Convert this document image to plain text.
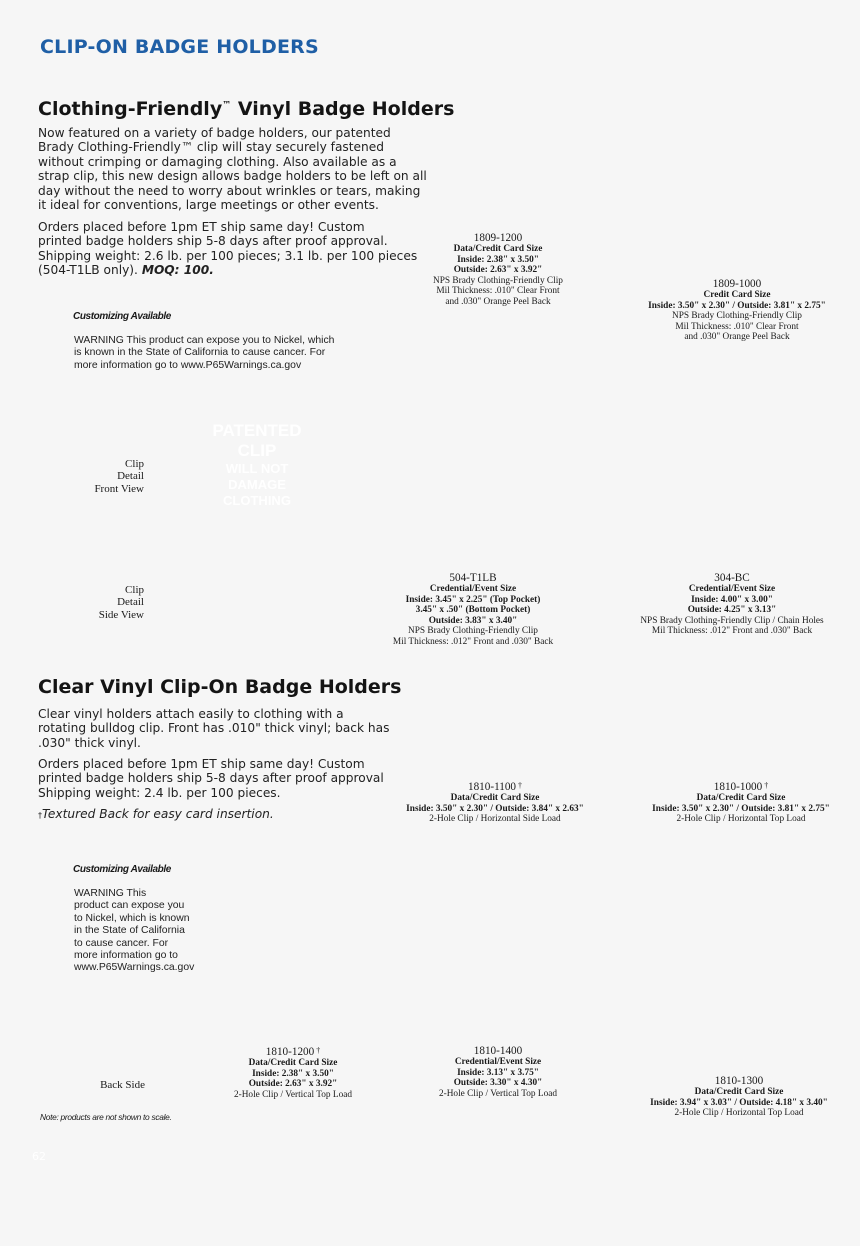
CLIP-ON BADGE HOLDERS
Clothing-Friendly™ Vinyl Badge Holders
Now featured on a variety of badge holders, our patented
Brady Clothing-Friendly™ clip will stay securely fastened
without crimping or damaging clothing. Also available as a
strap clip, this new design allows badge holders to be left on all
day without the need to worry about wrinkles or tears, making
it ideal for conventions, large meetings or other events.
Orders placed before 1pm ET ship same day! Custom
printed badge holders ship 5-8 days after proof approval.
Shipping weight: 2.6 lb. per 100 pieces; 3.1 lb. per 100 pieces
(504-T1LB only). MOQ: 100.
Customizing Available
WARNING This product can expose you to Nickel, which
is known in the State of California to cause cancer. For
more information go to www.P65Warnings.ca.gov
PATENTED
CLIP
WILL NOT
DAMAGE
CLOTHING
Clip
Detail
Front View
Clip
Detail
Side View
1809-1200
Data/Credit Card Size
Inside: 2.38" x 3.50"
Outside: 2.63" x 3.92"
NPS Brady Clothing-Friendly Clip
Mil Thickness: .010" Clear Front
and .030" Orange Peel Back
1809-1000
Credit Card Size
Inside: 3.50" x 2.30" / Outside: 3.81" x 2.75"
NPS Brady Clothing-Friendly Clip
Mil Thickness: .010" Clear Front
and .030" Orange Peel Back
504-T1LB
Credential/Event Size
Inside: 3.45" x 2.25" (Top Pocket)
3.45" x .50" (Bottom Pocket)
Outside: 3.83" x 3.40"
NPS Brady Clothing-Friendly Clip
Mil Thickness: .012" Front and .030" Back
304-BC
Credential/Event Size
Inside: 4.00" x 3.00"
Outside: 4.25" x 3.13"
NPS Brady Clothing-Friendly Clip / Chain Holes
Mil Thickness: .012" Front and .030" Back
Clear Vinyl Clip-On Badge Holders
Clear vinyl holders attach easily to clothing with a
rotating bulldog clip. Front has .010" thick vinyl; back has
.030" thick vinyl.
Orders placed before 1pm ET ship same day! Custom
printed badge holders ship 5-8 days after proof approval
Shipping weight: 2.4 lb. per 100 pieces.
†Textured Back for easy card insertion.
Customizing Available
WARNING This
product can expose you
to Nickel, which is known
in the State of California
to cause cancer. For
more information go to
www.P65Warnings.ca.gov
1810-1100 †
Data/Credit Card Size
Inside: 3.50" x 2.30" / Outside: 3.84" x 2.63"
2-Hole Clip / Horizontal Side Load
1810-1000 †
Data/Credit Card Size
Inside: 3.50" x 2.30" / Outside: 3.81" x 2.75"
2-Hole Clip / Horizontal Top Load
1810-1200 †
Data/Credit Card Size
Inside: 2.38" x 3.50"
Outside: 2.63" x 3.92"
2-Hole Clip / Vertical Top Load
1810-1400
Credential/Event Size
Inside: 3.13" x 3.75"
Outside: 3.30" x 4.30"
2-Hole Clip / Vertical Top Load
1810-1300
Data/Credit Card Size
Inside: 3.94" x 3.03" / Outside: 4.18" x 3.40"
2-Hole Clip / Horizontal Top Load
Back Side
Note: products are not shown to scale.
62
